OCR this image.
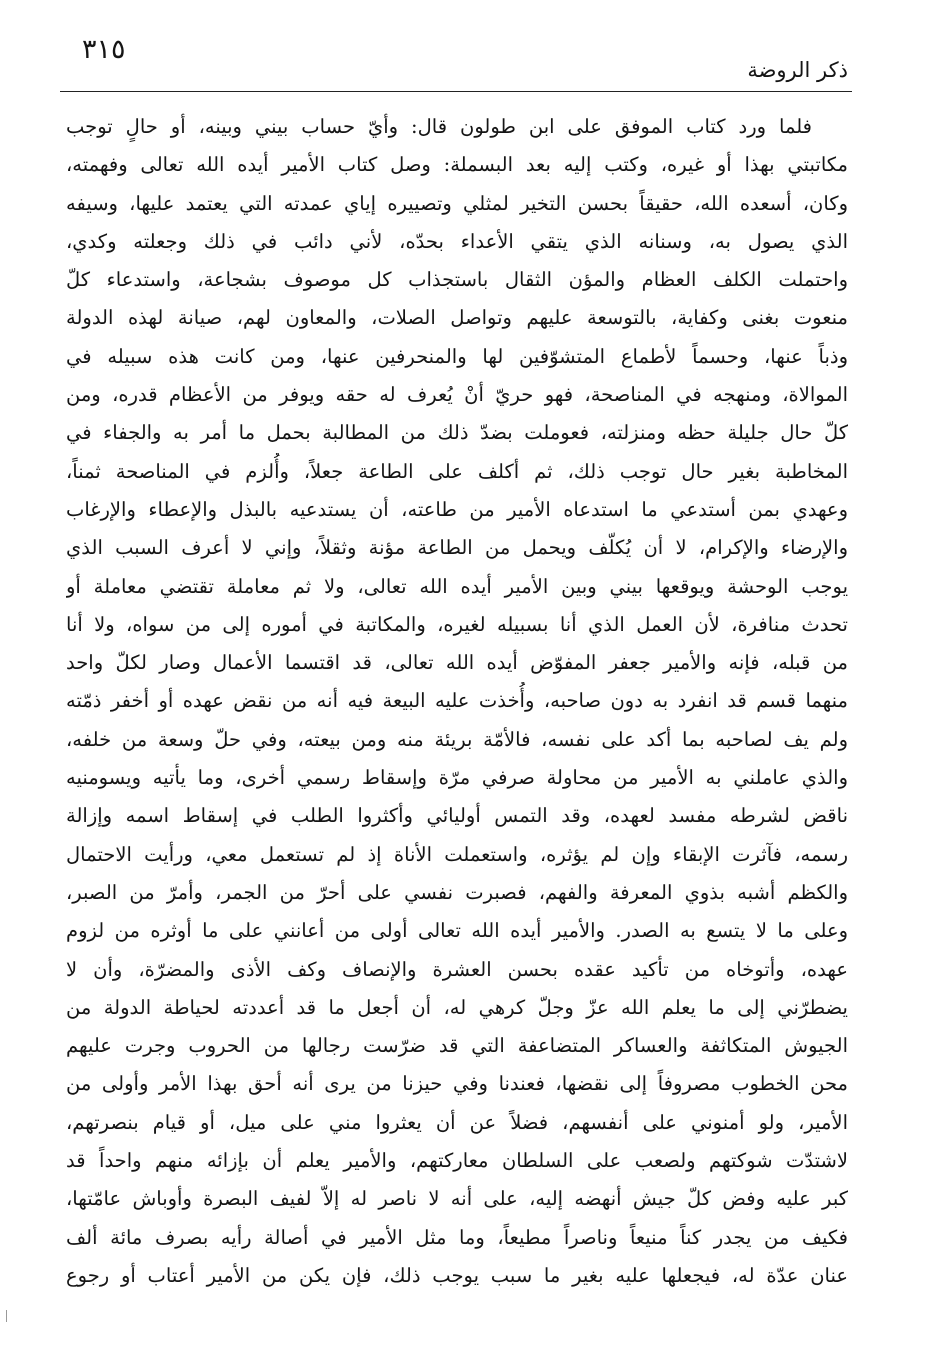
٣١٥
ذكر الروضة
فلما ورد كتاب الموفق على ابن طولون قال: وأيّ حساب بيني وبينه، أو حالٍ توجب
مكاتبتي بهذا أو غيره، وكتب إليه بعد البسملة: وصل كتاب الأمير أيده الله تعالى وفهمته،
وكان، أسعده الله، حقيقاً بحسن التخير لمثلي وتصييره إياي عمدته التي يعتمد عليها، وسيفه
الذي يصول به، وسنانه الذي يتقي الأعداء بحدّه، لأني دائب في ذلك وجعلته وكدي،
واحتملت الكلف العظام والمؤن الثقال باستجذاب كل موصوف بشجاعة، واستدعاء كلّ
منعوت بغنى وكفاية، بالتوسعة عليهم وتواصل الصلات، والمعاون لهم، صيانة لهذه الدولة
وذباً عنها، وحسماً لأطماع المتشوّفين لها والمنحرفين عنها، ومن كانت هذه سبيله في
الموالاة، ومنهجه في المناصحة، فهو حريّ أنْ يُعرف له حقه ويوفر من الأعظام قدره، ومن
كلّ حال جليلة حظه ومنزلته، فعوملت بضدّ ذلك من المطالبة بحمل ما أمر به والجفاء في
المخاطبة بغير حال توجب ذلك، ثم أكلف على الطاعة جعلاً، وأُلزم في المناصحة ثمناً،
وعهدي بمن أستدعي ما استدعاه الأمير من طاعته، أن يستدعيه بالبذل والإعطاء والإرغاب
والإرضاء والإكرام، لا أن يُكلّف ويحمل من الطاعة مؤنة وثقلاً، وإني لا أعرف السبب الذي
يوجب الوحشة ويوقعها بيني وبين الأمير أيده الله تعالى، ولا ثم معاملة تقتضي معاملة أو
تحدث منافرة، لأن العمل الذي أنا بسبيله لغيره، والمكاتبة في أموره إلى من سواه، ولا أنا
من قبله، فإنه والأمير جعفر المفوّض أيده الله تعالى، قد اقتسما الأعمال وصار لكلّ واحد
منهما قسم قد انفرد به دون صاحبه، وأُخذت عليه البيعة فيه أنه من نقض عهده أو أخفر ذمّته
ولم يف لصاحبه بما أكد على نفسه، فالأمّة بريئة منه ومن بيعته، وفي حلّ وسعة من خلفه،
والذي عاملني به الأمير من محاولة صرفي مرّة وإسقاط رسمي أخرى، وما يأتيه ويسومنيه
ناقض لشرطه مفسد لعهده، وقد التمس أوليائي وأكثروا الطلب في إسقاط اسمه وإزالة
رسمه، فآثرت الإبقاء وإن لم يؤثره، واستعملت الأناة إذ لم تستعمل معي، ورأيت الاحتمال
والكظم أشبه بذوي المعرفة والفهم، فصبرت نفسي على أحرّ من الجمر، وأمرّ من الصبر،
وعلى ما لا يتسع به الصدر. والأمير أيده الله تعالى أولى من أعانني على ما أوثره من لزوم
عهده، وأتوخاه من تأكيد عقده بحسن العشرة والإنصاف وكف الأذى والمضرّة، وأن لا
يضطرّني إلى ما يعلم الله عزّ وجلّ كرهي له، أن أجعل ما قد أعددته لحياطة الدولة من
الجيوش المتكاثفة والعساكر المتضاعفة التي قد ضرّست رجالها من الحروب وجرت عليهم
محن الخطوب مصروفاً إلى نقضها، فعندنا وفي حيزنا من يرى أنه أحق بهذا الأمر وأولى من
الأمير، ولو أمنوني على أنفسهم، فضلاً عن أن يعثروا مني على ميل، أو قيام بنصرتهم،
لاشتدّت شوكتهم ولصعب على السلطان معاركتهم، والأمير يعلم أن بإزائه منهم واحداً قد
كبر عليه وفض كلّ جيش أنهضه إليه، على أنه لا ناصر له إلاّ لفيف البصرة وأوباش عامّتها،
فكيف من يجدر كناً منيعاً وناصراً مطيعاً، وما مثل الأمير في أصالة رأيه بصرف مائة ألف
عنان عدّة له، فيجعلها عليه بغير ما سبب يوجب ذلك، فإن يكن من الأمير أعتاب أو رجوع
